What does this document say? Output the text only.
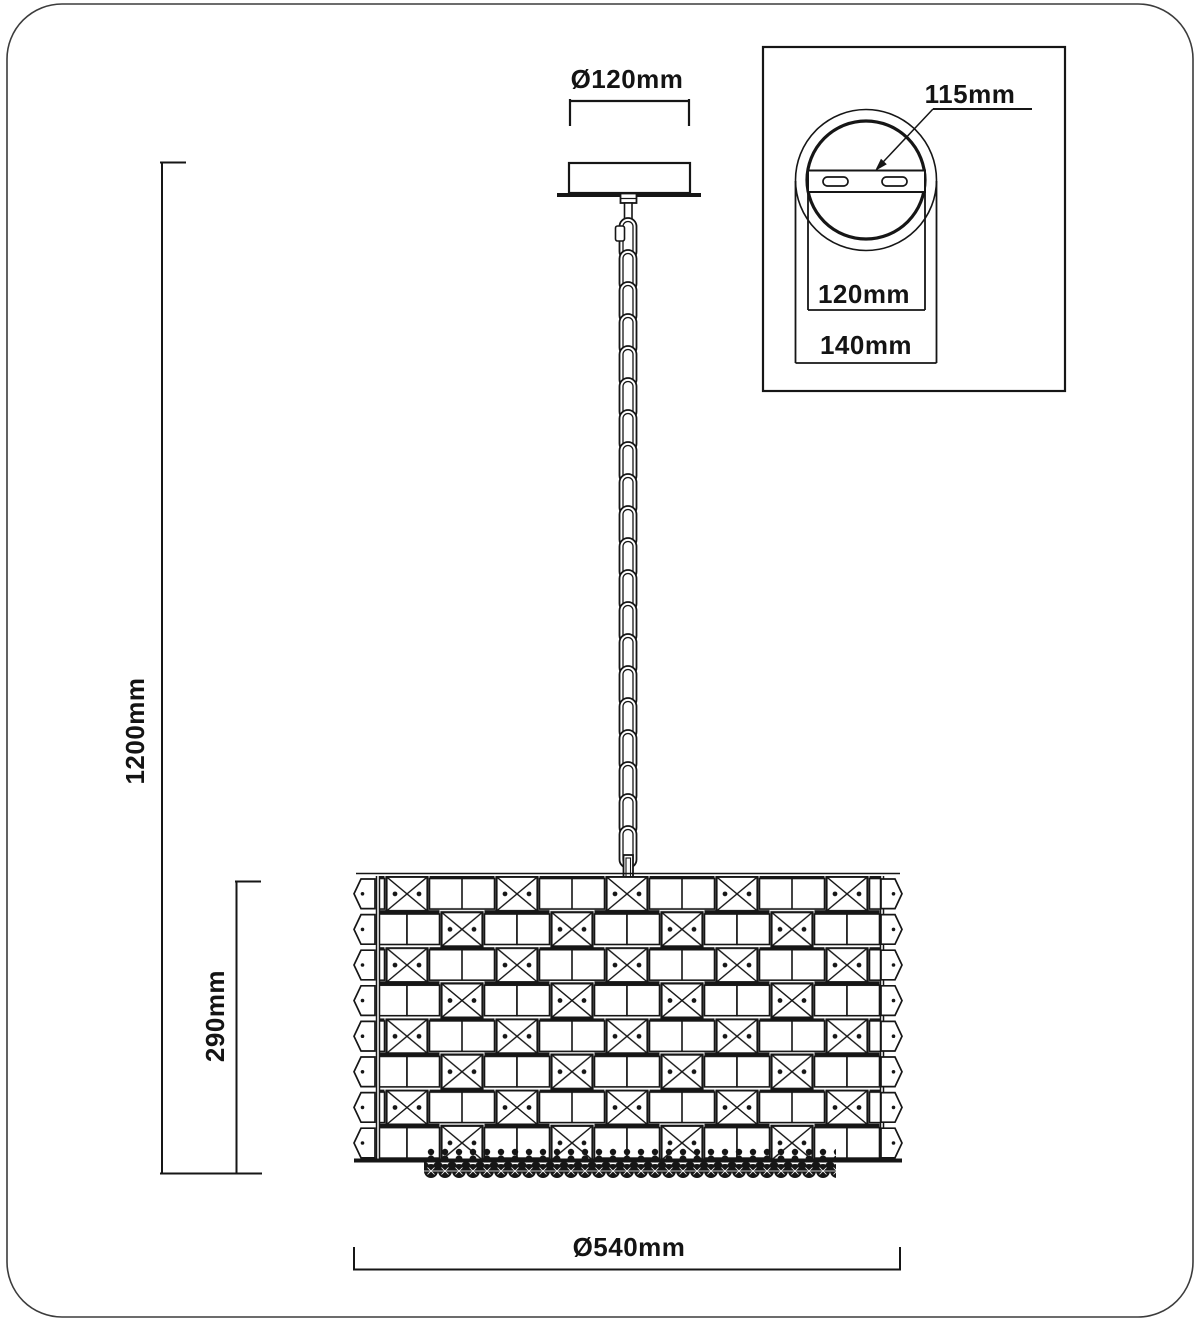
Ø120mm
1200mm
290mm
Ø540mm
115mm
120mm
140mm
